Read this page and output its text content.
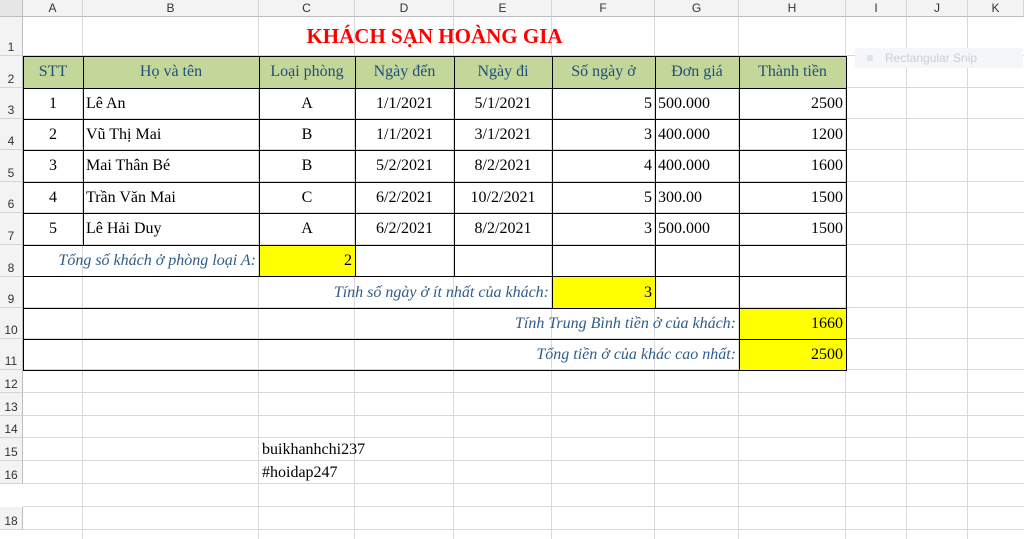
A	B	C	D	E	F	G	H	I	J	K
1
2
3
4
5
6
7
8
9
10
11
12
13
14
15
16
18
KHÁCH SẠN HOÀNG GIA
STT	Họ và tên	Loại phòng	Ngày đến	Ngày đi	Số ngày ở	Đơn giá	Thành tiền
1	Lê An	A	1/1/2021	5/1/2021	5 500.000	2500
2	Vũ Thị Mai	B	1/1/2021	3/1/2021	3 400.000	1200
3	Mai Thân Bé	B	5/2/2021	8/2/2021	4 400.000	1600
4	Trần Văn Mai	C	6/2/2021	10/2/2021	5 300.00	1500
5	Lê Hải Duy	A	6/2/2021	8/2/2021	3 500.000	1500
Tổng số khách ở phòng loại A:	2
Tính số ngày ở ít nhất của khách:	3
Tính Trung Bình tiền ở của khách:	1660
Tổng tiền ở của khác cao nhất:	2500
buikhanhchi237
#hoidap247
Rectangular Snip
